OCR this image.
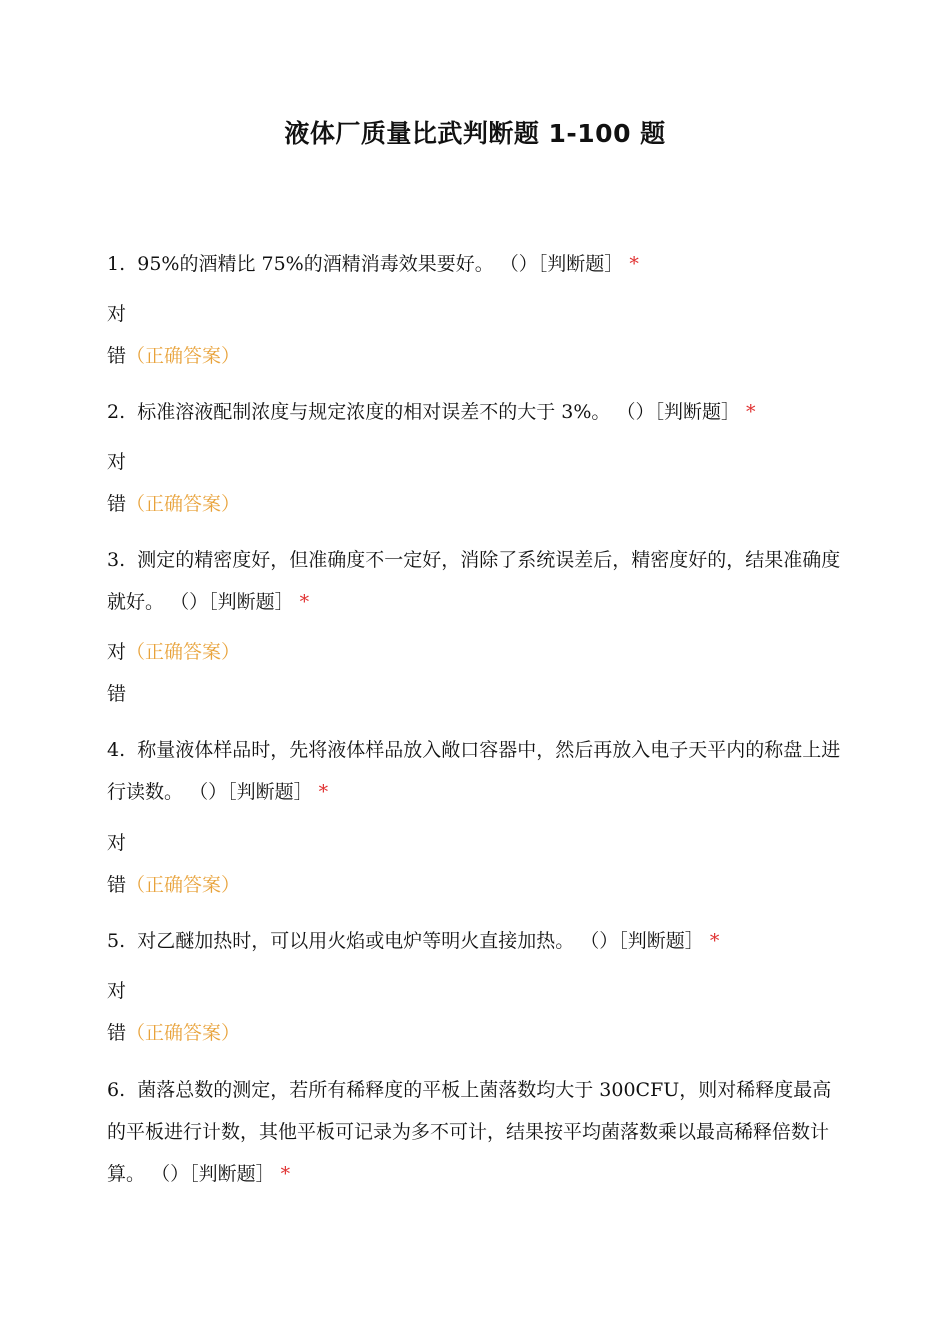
液体厂质量比武判断题 1-100 题
1. 95%的酒精比 75%的酒精消毒效果要好。 （）［判断题］ *
对
错（正确答案）
2. 标准溶液配制浓度与规定浓度的相对误差不的大于 3%。 （）［判断题］ *
对
错（正确答案）
3. 测定的精密度好，但准确度不一定好，消除了系统误差后，精密度好的，结果准确度就好。 （）［判断题］ *
对（正确答案）
错
4. 称量液体样品时，先将液体样品放入敞口容器中，然后再放入电子天平内的称盘上进行读数。 （）［判断题］ *
对
错（正确答案）
5. 对乙醚加热时，可以用火焰或电炉等明火直接加热。 （）［判断题］ *
对
错（正确答案）
6. 菌落总数的测定，若所有稀释度的平板上菌落数均大于 300CFU，则对稀释度最高的平板进行计数，其他平板可记录为多不可计，结果按平均菌落数乘以最高稀释倍数计算。 （）［判断题］ *
